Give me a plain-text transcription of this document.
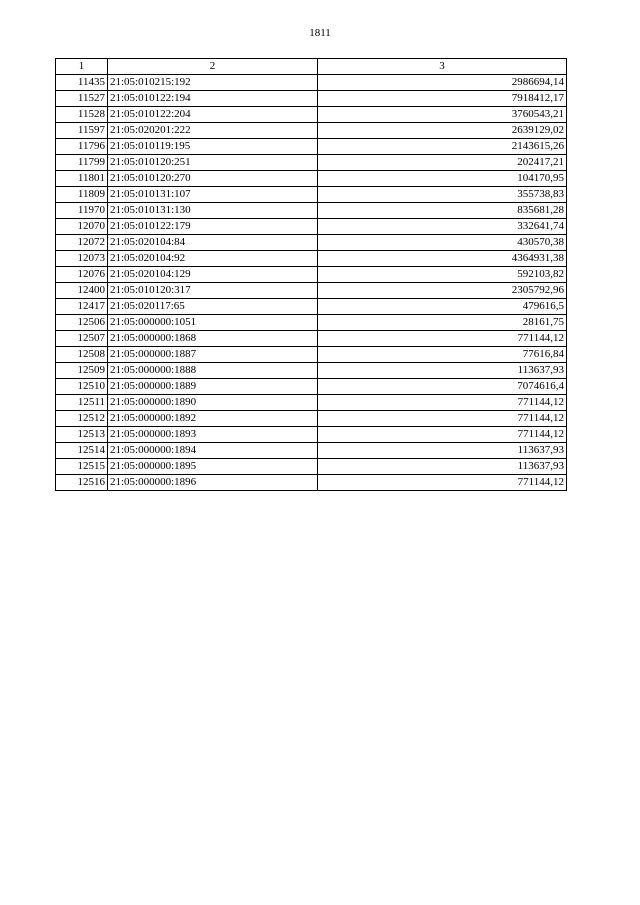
1811
1	2	3
11435	21:05:010215:192	2986694,14
11527	21:05:010122:194	7918412,17
11528	21:05:010122:204	3760543,21
11597	21:05:020201:222	2639129,02
11796	21:05:010119:195	2143615,26
11799	21:05:010120:251	202417,21
11801	21:05:010120:270	104170,95
11809	21:05:010131:107	355738,83
11970	21:05:010131:130	835681,28
12070	21:05:010122:179	332641,74
12072	21:05:020104:84	430570,38
12073	21:05:020104:92	4364931,38
12076	21:05:020104:129	592103,82
12400	21:05:010120:317	2305792,96
12417	21:05:020117:65	479616,5
12506	21:05:000000:1051	28161,75
12507	21:05:000000:1868	771144,12
12508	21:05:000000:1887	77616,84
12509	21:05:000000:1888	113637,93
12510	21:05:000000:1889	7074616,4
12511	21:05:000000:1890	771144,12
12512	21:05:000000:1892	771144,12
12513	21:05:000000:1893	771144,12
12514	21:05:000000:1894	113637,93
12515	21:05:000000:1895	113637,93
12516	21:05:000000:1896	771144,12
